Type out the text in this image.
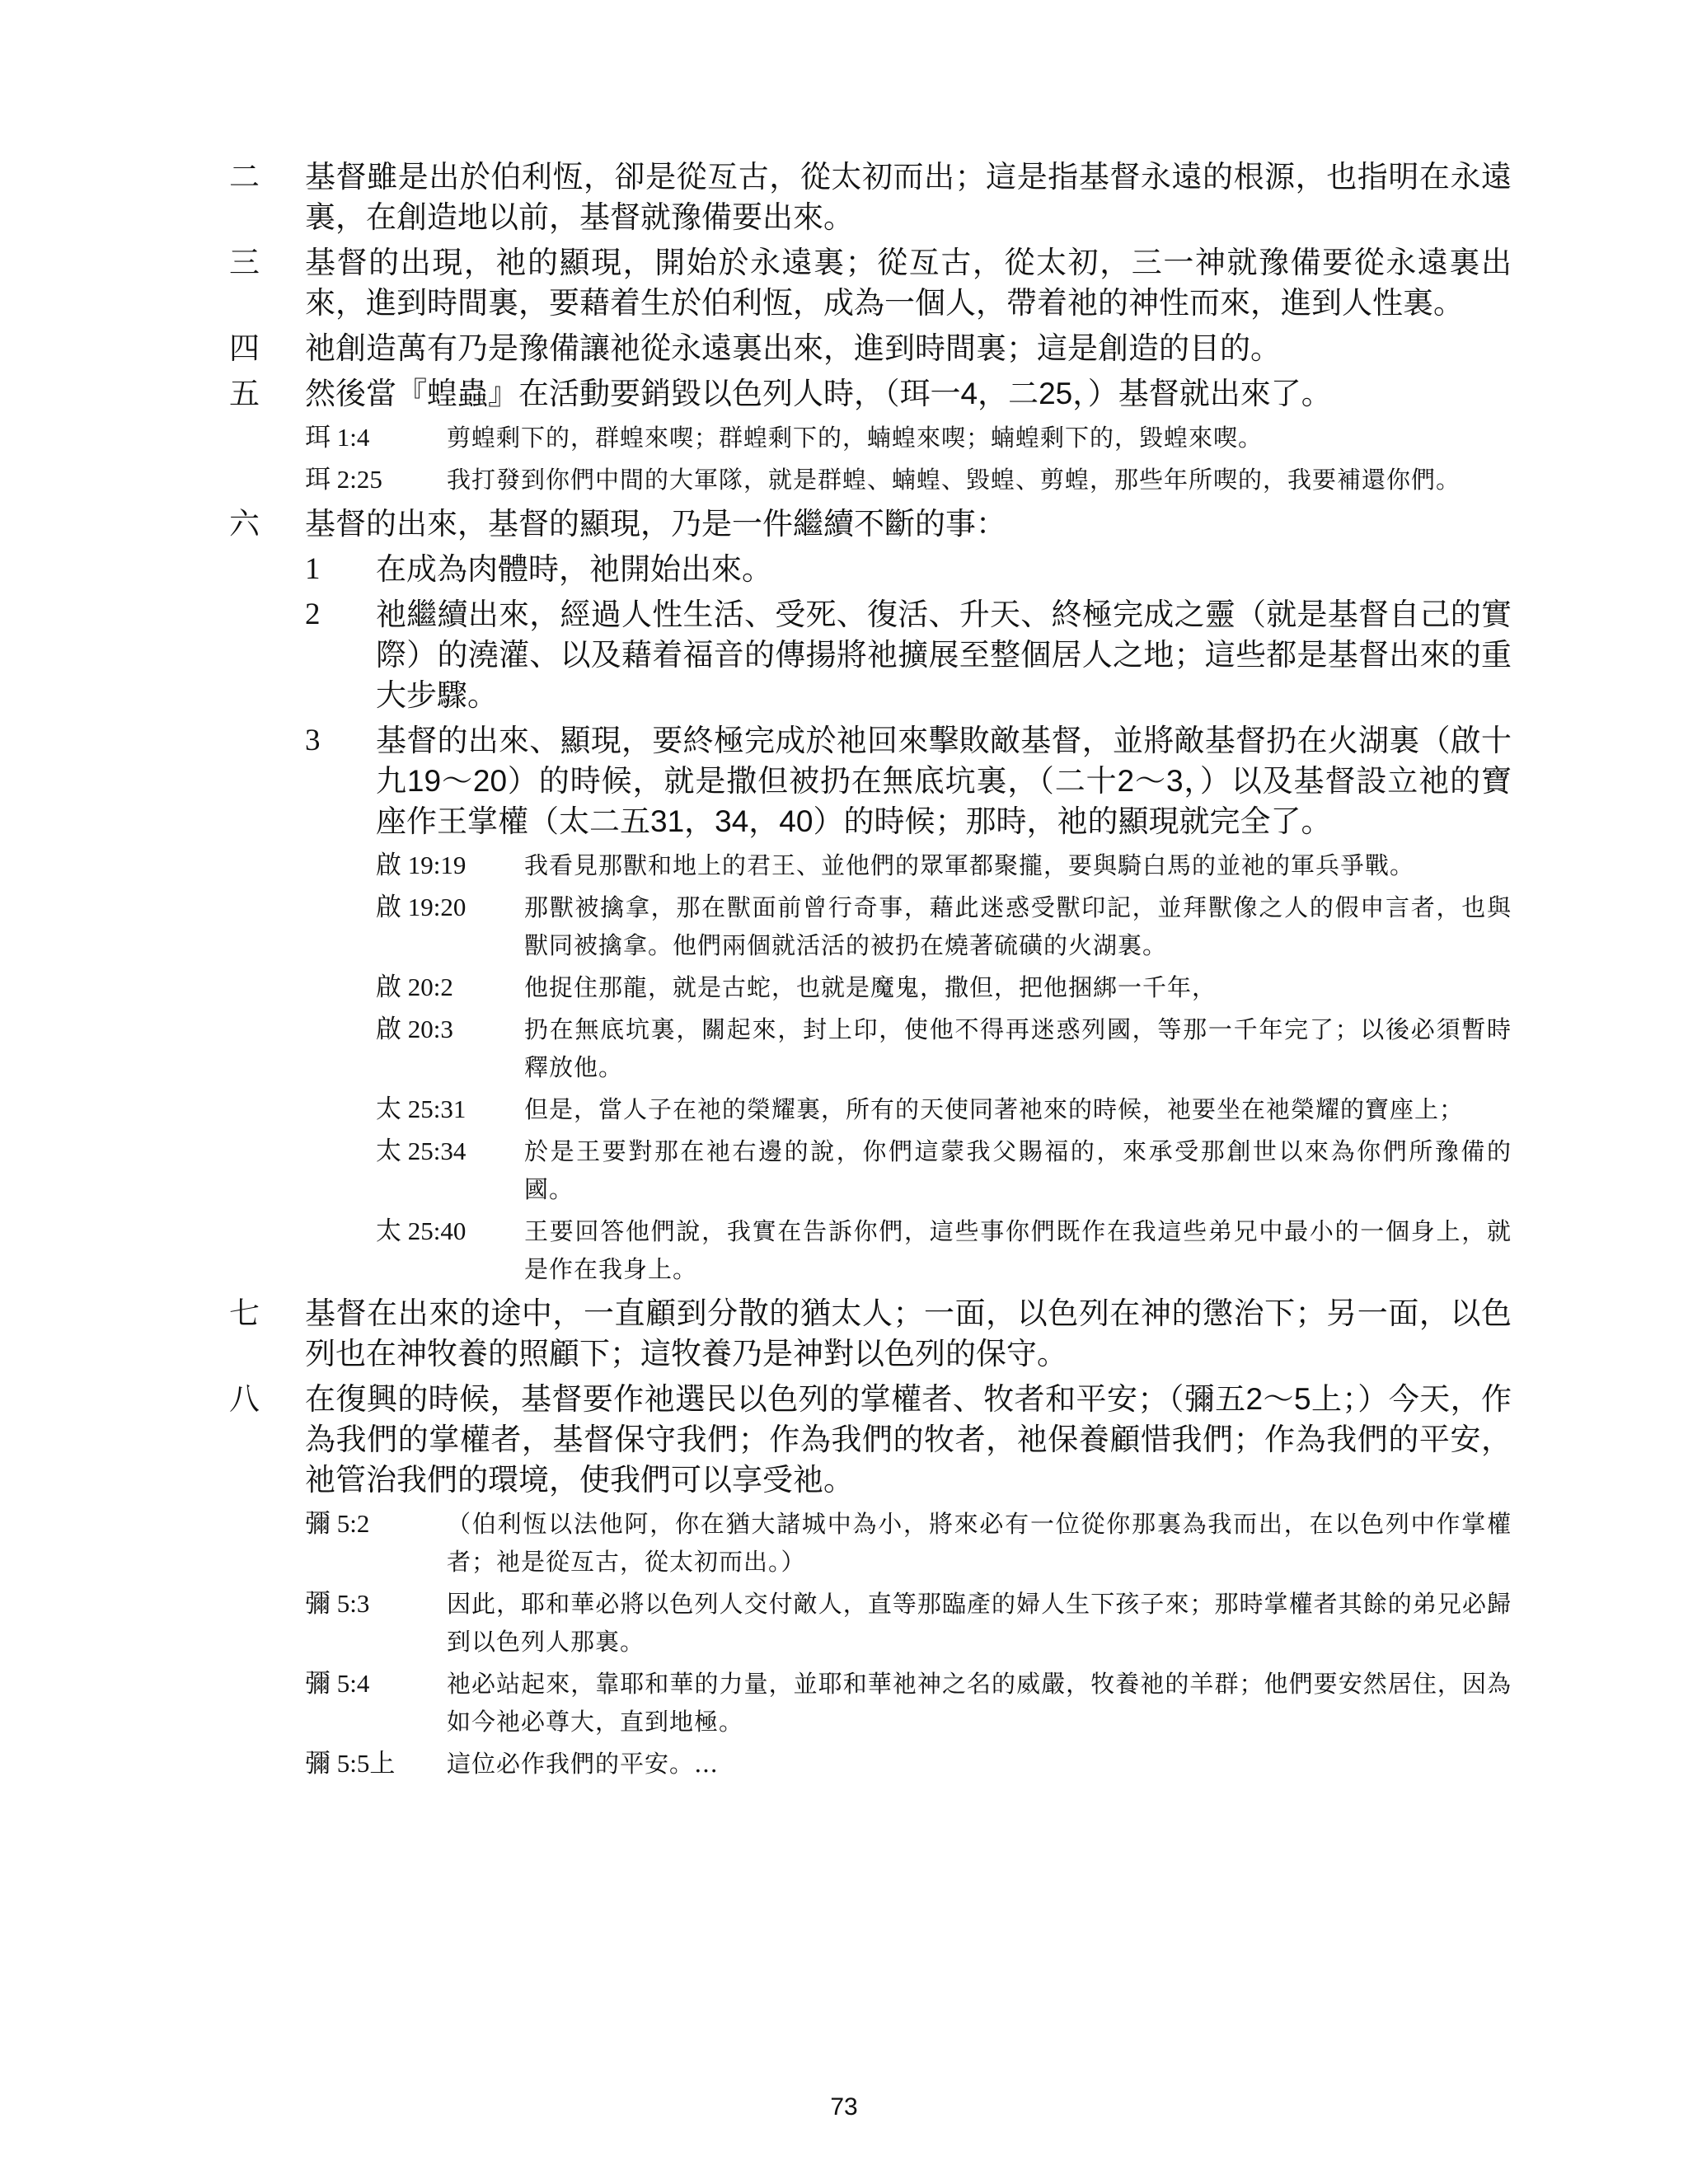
二	基督雖是出於伯利恆，卻是從亙古，從太初而出；這是指基督永遠的根源，也指明在永遠裏，在創造地以前，基督就豫備要出來。
三	基督的出現，祂的顯現，開始於永遠裏；從亙古，從太初，三一神就豫備要從永遠裏出來，進到時間裏，要藉着生於伯利恆，成為一個人，帶着祂的神性而來，進到人性裏。
四	祂創造萬有乃是豫備讓祂從永遠裏出來，進到時間裏；這是創造的目的。
五	然後當『蝗蟲』在活動要銷毀以色列人時，（珥一4，二25，）基督就出來了。
珥 1:4	剪蝗剩下的，群蝗來喫；群蝗剩下的，蝻蝗來喫；蝻蝗剩下的，毀蝗來喫。
珥 2:25	我打發到你們中間的大軍隊，就是群蝗、蝻蝗、毀蝗、剪蝗，那些年所喫的，我要補還你們。
六	基督的出來，基督的顯現，乃是一件繼續不斷的事：
1	在成為肉體時，祂開始出來。
2	祂繼續出來，經過人性生活、受死、復活、升天、終極完成之靈（就是基督自己的實際）的澆灌、以及藉着福音的傳揚將祂擴展至整個居人之地；這些都是基督出來的重大步驟。
3	基督的出來、顯現，要終極完成於祂回來擊敗敵基督，並將敵基督扔在火湖裏（啟十九19～20）的時候，就是撒但被扔在無底坑裏，（二十2～3，）以及基督設立祂的寶座作王掌權（太二五31，34，40）的時候；那時，祂的顯現就完全了。
啟 19:19	我看見那獸和地上的君王、並他們的眾軍都聚攏，要與騎白馬的並祂的軍兵爭戰。
啟 19:20	那獸被擒拿，那在獸面前曾行奇事，藉此迷惑受獸印記，並拜獸像之人的假申言者，也與獸同被擒拿。他們兩個就活活的被扔在燒著硫磺的火湖裏。
啟 20:2	他捉住那龍，就是古蛇，也就是魔鬼，撒但，把他捆綁一千年，
啟 20:3	扔在無底坑裏，關起來，封上印，使他不得再迷惑列國，等那一千年完了；以後必須暫時釋放他。
太 25:31	但是，當人子在祂的榮耀裏，所有的天使同著祂來的時候，祂要坐在祂榮耀的寶座上；
太 25:34	於是王要對那在祂右邊的說，你們這蒙我父賜福的，來承受那創世以來為你們所豫備的國。
太 25:40	王要回答他們說，我實在告訴你們，這些事你們既作在我這些弟兄中最小的一個身上，就是作在我身上。
七	基督在出來的途中，一直顧到分散的猶太人；一面，以色列在神的懲治下；另一面，以色列也在神牧養的照顧下；這牧養乃是神對以色列的保守。
八	在復興的時候，基督要作祂選民以色列的掌權者、牧者和平安；（彌五2～5上；）今天，作為我們的掌權者，基督保守我們；作為我們的牧者，祂保養顧惜我們；作為我們的平安，祂管治我們的環境，使我們可以享受祂。
彌 5:2	（伯利恆以法他阿，你在猶大諸城中為小，將來必有一位從你那裏為我而出，在以色列中作掌權者；祂是從亙古，從太初而出。）
彌 5:3	因此，耶和華必將以色列人交付敵人，直等那臨產的婦人生下孩子來；那時掌權者其餘的弟兄必歸到以色列人那裏。
彌 5:4	祂必站起來，靠耶和華的力量，並耶和華祂神之名的威嚴，牧養祂的羊群；他們要安然居住，因為如今祂必尊大，直到地極。
彌 5:5上	這位必作我們的平安。…
73
